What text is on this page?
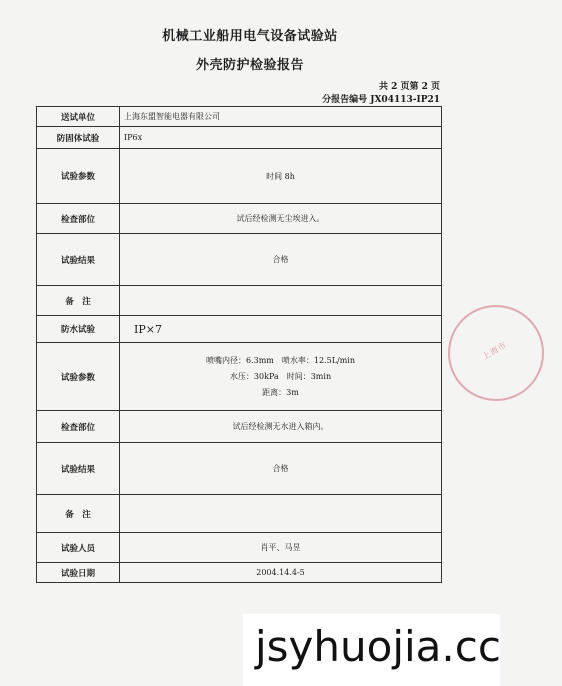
机械工业船用电气设备试验站
外壳防护检验报告
共 2 页第 2 页
分报告编号 JX04113-IP21
送试单位	上海东盟智能电器有限公司
防固体试验	IP6x
试验参数	时间 8h
检查部位	试后经检测无尘埃进入。
试验结果	合格
备　注	
防水试验	IP×7
试验参数	喷嘴内径：6.3mm　喷水率：12.5L/min
水压：30kPa　时间：3min
距离：3m

检查部位	试后经检测无水进入箱内。
试验结果	合格
备　注	
试验人员	肖平、马昱
试验日期	2004.14.4-5
上海市
jsyhuojia.cc
